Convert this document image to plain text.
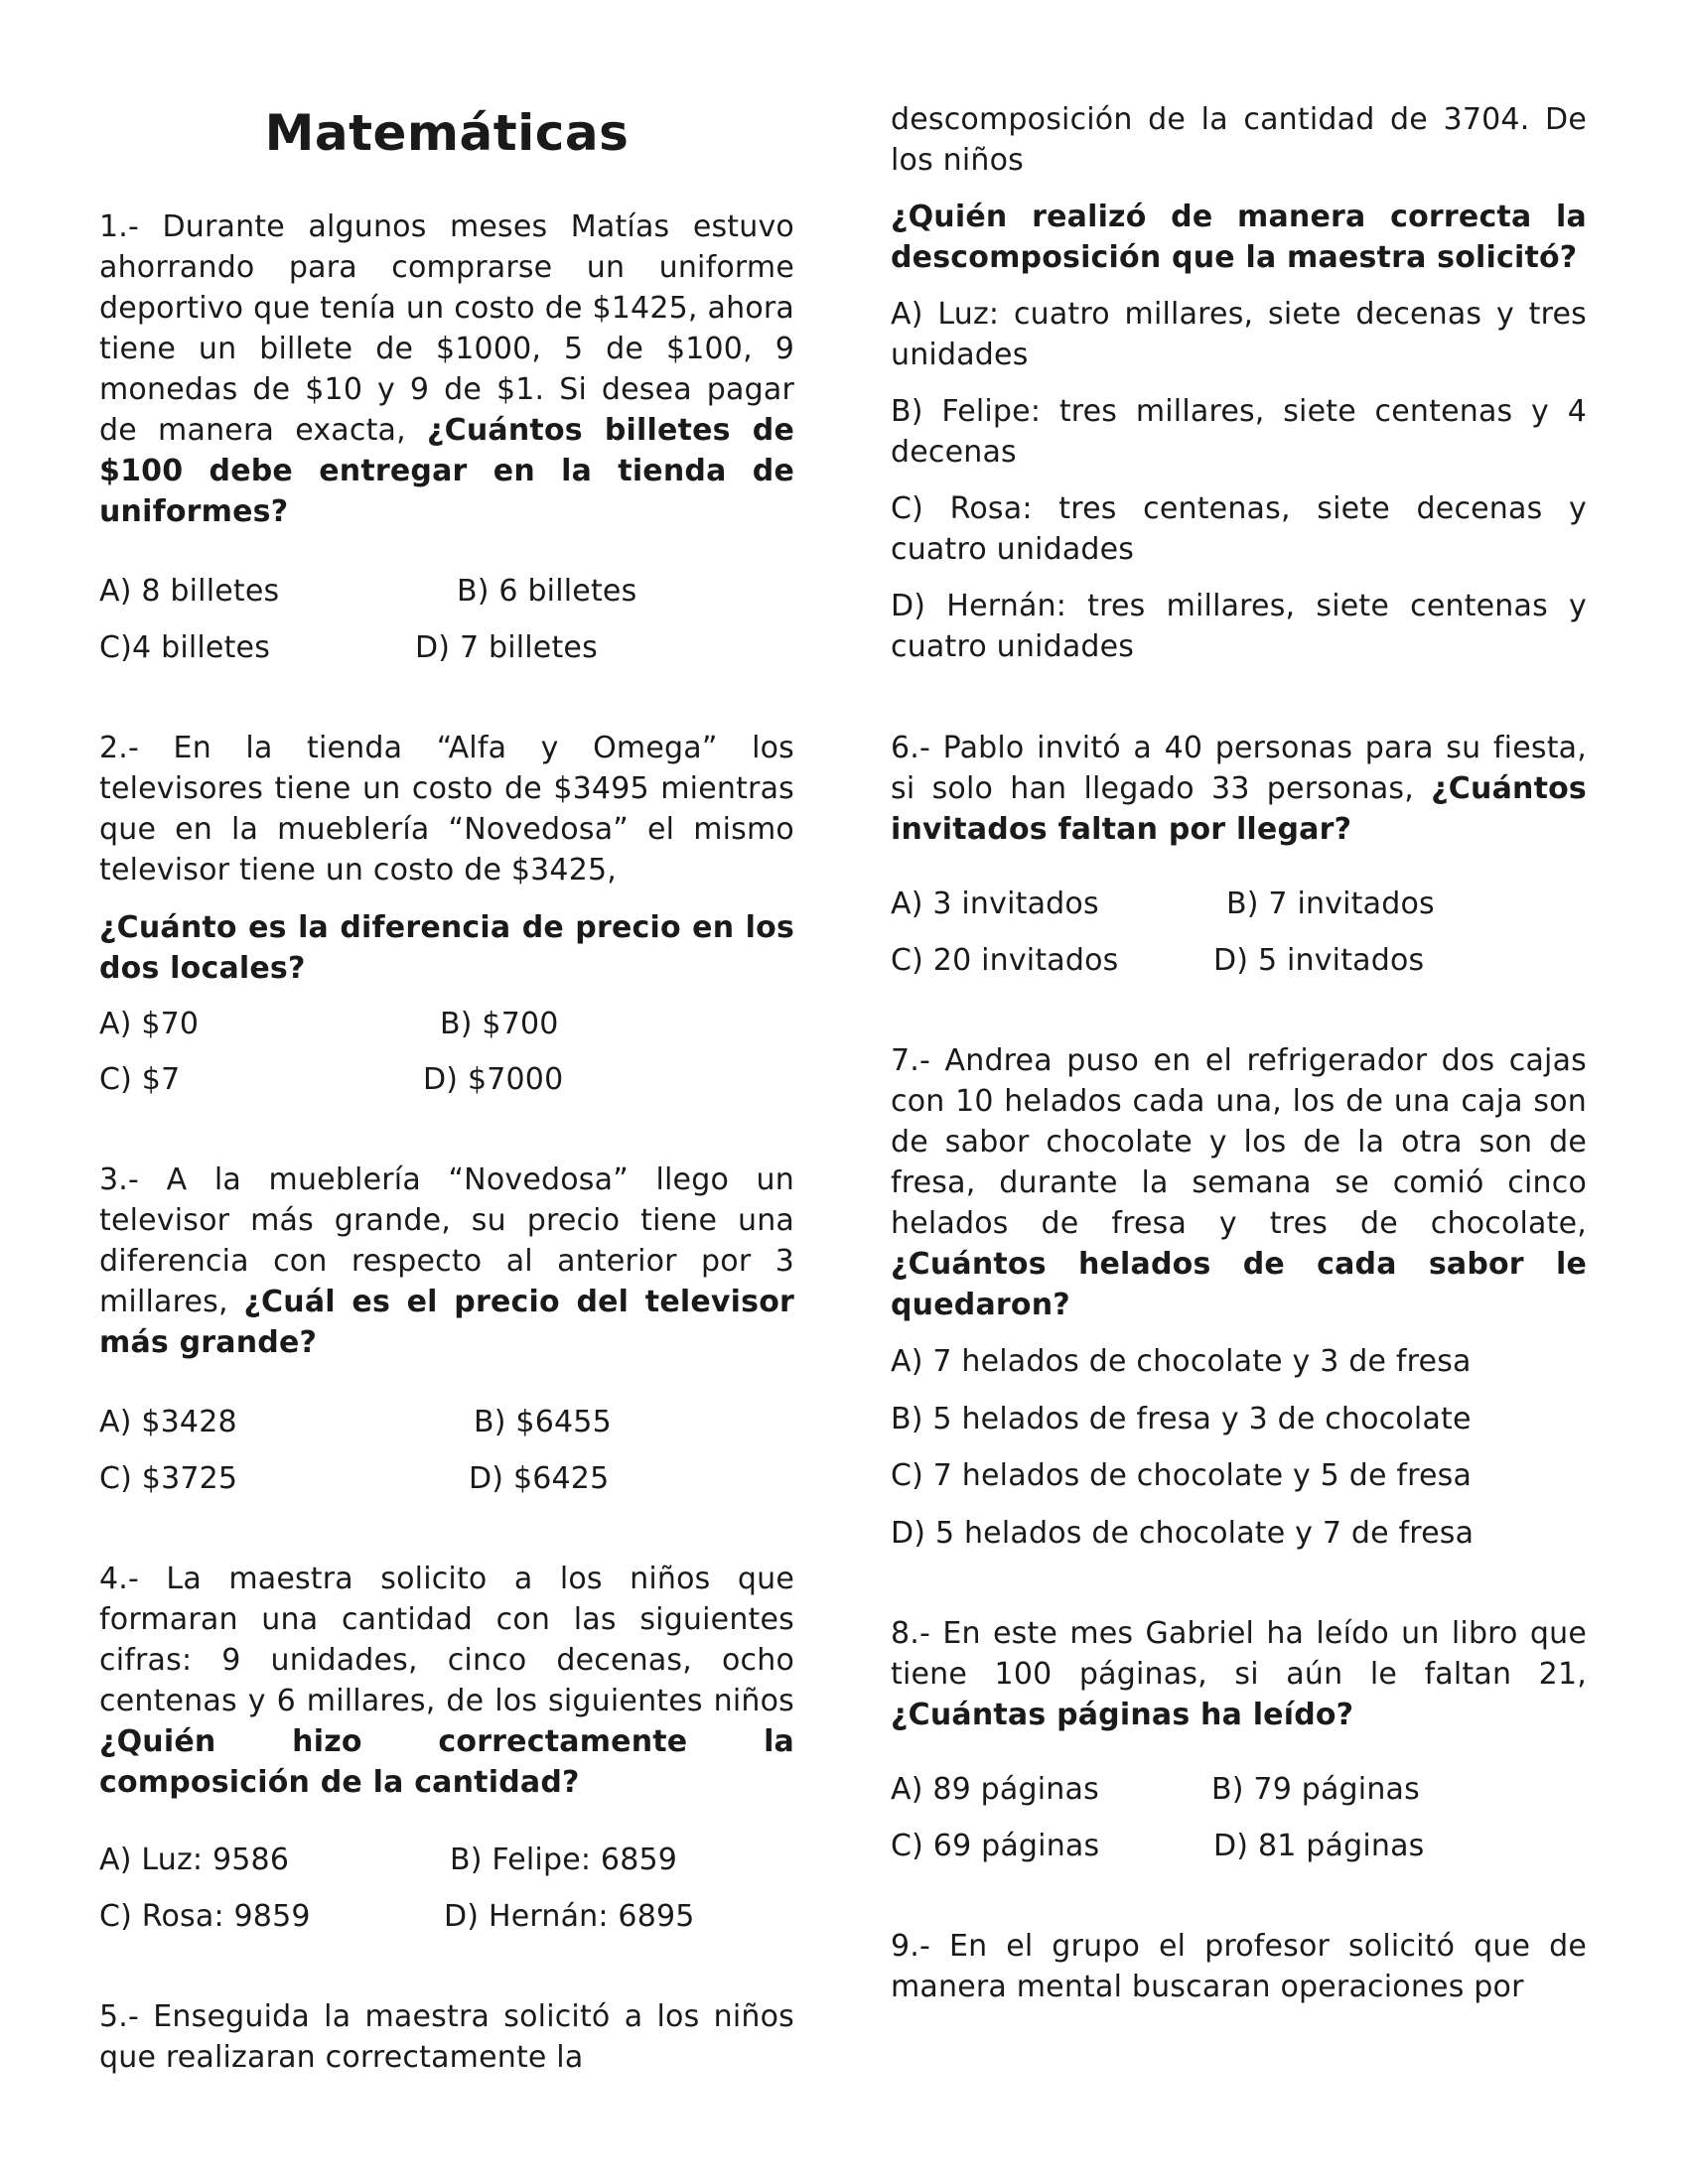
Matemáticas

1.- Durante algunos meses Matías estuvo ahorrando para comprarse un uniforme deportivo que tenía un costo de $1425, ahora tiene un billete de $1000, 5 de $100, 9 monedas de $10 y 9 de $1. Si desea pagar de manera exacta, ¿Cuántos billetes de $100 debe entregar en la tienda de uniformes?

A) 8 billetes	B) 6 billetes
C)4 billetes	D) 7 billetes

2.- En la tienda “Alfa y Omega” los televisores tiene un costo de $3495 mientras que en la mueblería “Novedosa” el mismo televisor tiene un costo de $3425,

¿Cuánto es la diferencia de precio en los dos locales?

A) $70	B) $700
C) $7	D) $7000

3.- A la mueblería “Novedosa” llego un televisor más grande, su precio tiene una diferencia con respecto al anterior por 3 millares, ¿Cuál es el precio del televisor más grande?

A) $3428	B) $6455
C) $3725	D) $6425

4.- La maestra solicito a los niños que formaran una cantidad con las siguientes cifras: 9 unidades, cinco decenas, ocho centenas y 6 millares, de los siguientes niños ¿Quién hizo correctamente la composición de la cantidad?

A) Luz: 9586	B) Felipe: 6859
C) Rosa: 9859	D) Hernán: 6895

5.- Enseguida la maestra solicitó a los niños que realizaran correctamente la

descomposición de la cantidad de 3704. De los niños

¿Quién realizó de manera correcta la descomposición que la maestra solicitó?

A) Luz: cuatro millares, siete decenas y tres unidades

B) Felipe: tres millares, siete centenas y 4 decenas

C) Rosa: tres centenas, siete decenas y cuatro unidades

D) Hernán: tres millares, siete centenas y cuatro unidades

6.- Pablo invitó a 40 personas para su fiesta, si solo han llegado 33 personas, ¿Cuántos invitados faltan por llegar?

A) 3 invitados	B) 7 invitados
C) 20 invitados	D) 5 invitados

7.- Andrea puso en el refrigerador dos cajas con 10 helados cada una, los de una caja son de sabor chocolate y los de la otra son de fresa, durante la semana se comió cinco helados de fresa y tres de chocolate, ¿Cuántos helados de cada sabor le quedaron?

A) 7 helados de chocolate y 3 de fresa
B) 5 helados de fresa y 3 de chocolate
C) 7 helados de chocolate y 5 de fresa
D) 5 helados de chocolate y 7 de fresa

8.- En este mes Gabriel ha leído un libro que tiene 100 páginas, si aún le faltan 21, ¿Cuántas páginas ha leído?

A) 89 páginas	B) 79 páginas
C) 69 páginas	D) 81 páginas

9.- En el grupo el profesor solicitó que de manera mental buscaran operaciones por
